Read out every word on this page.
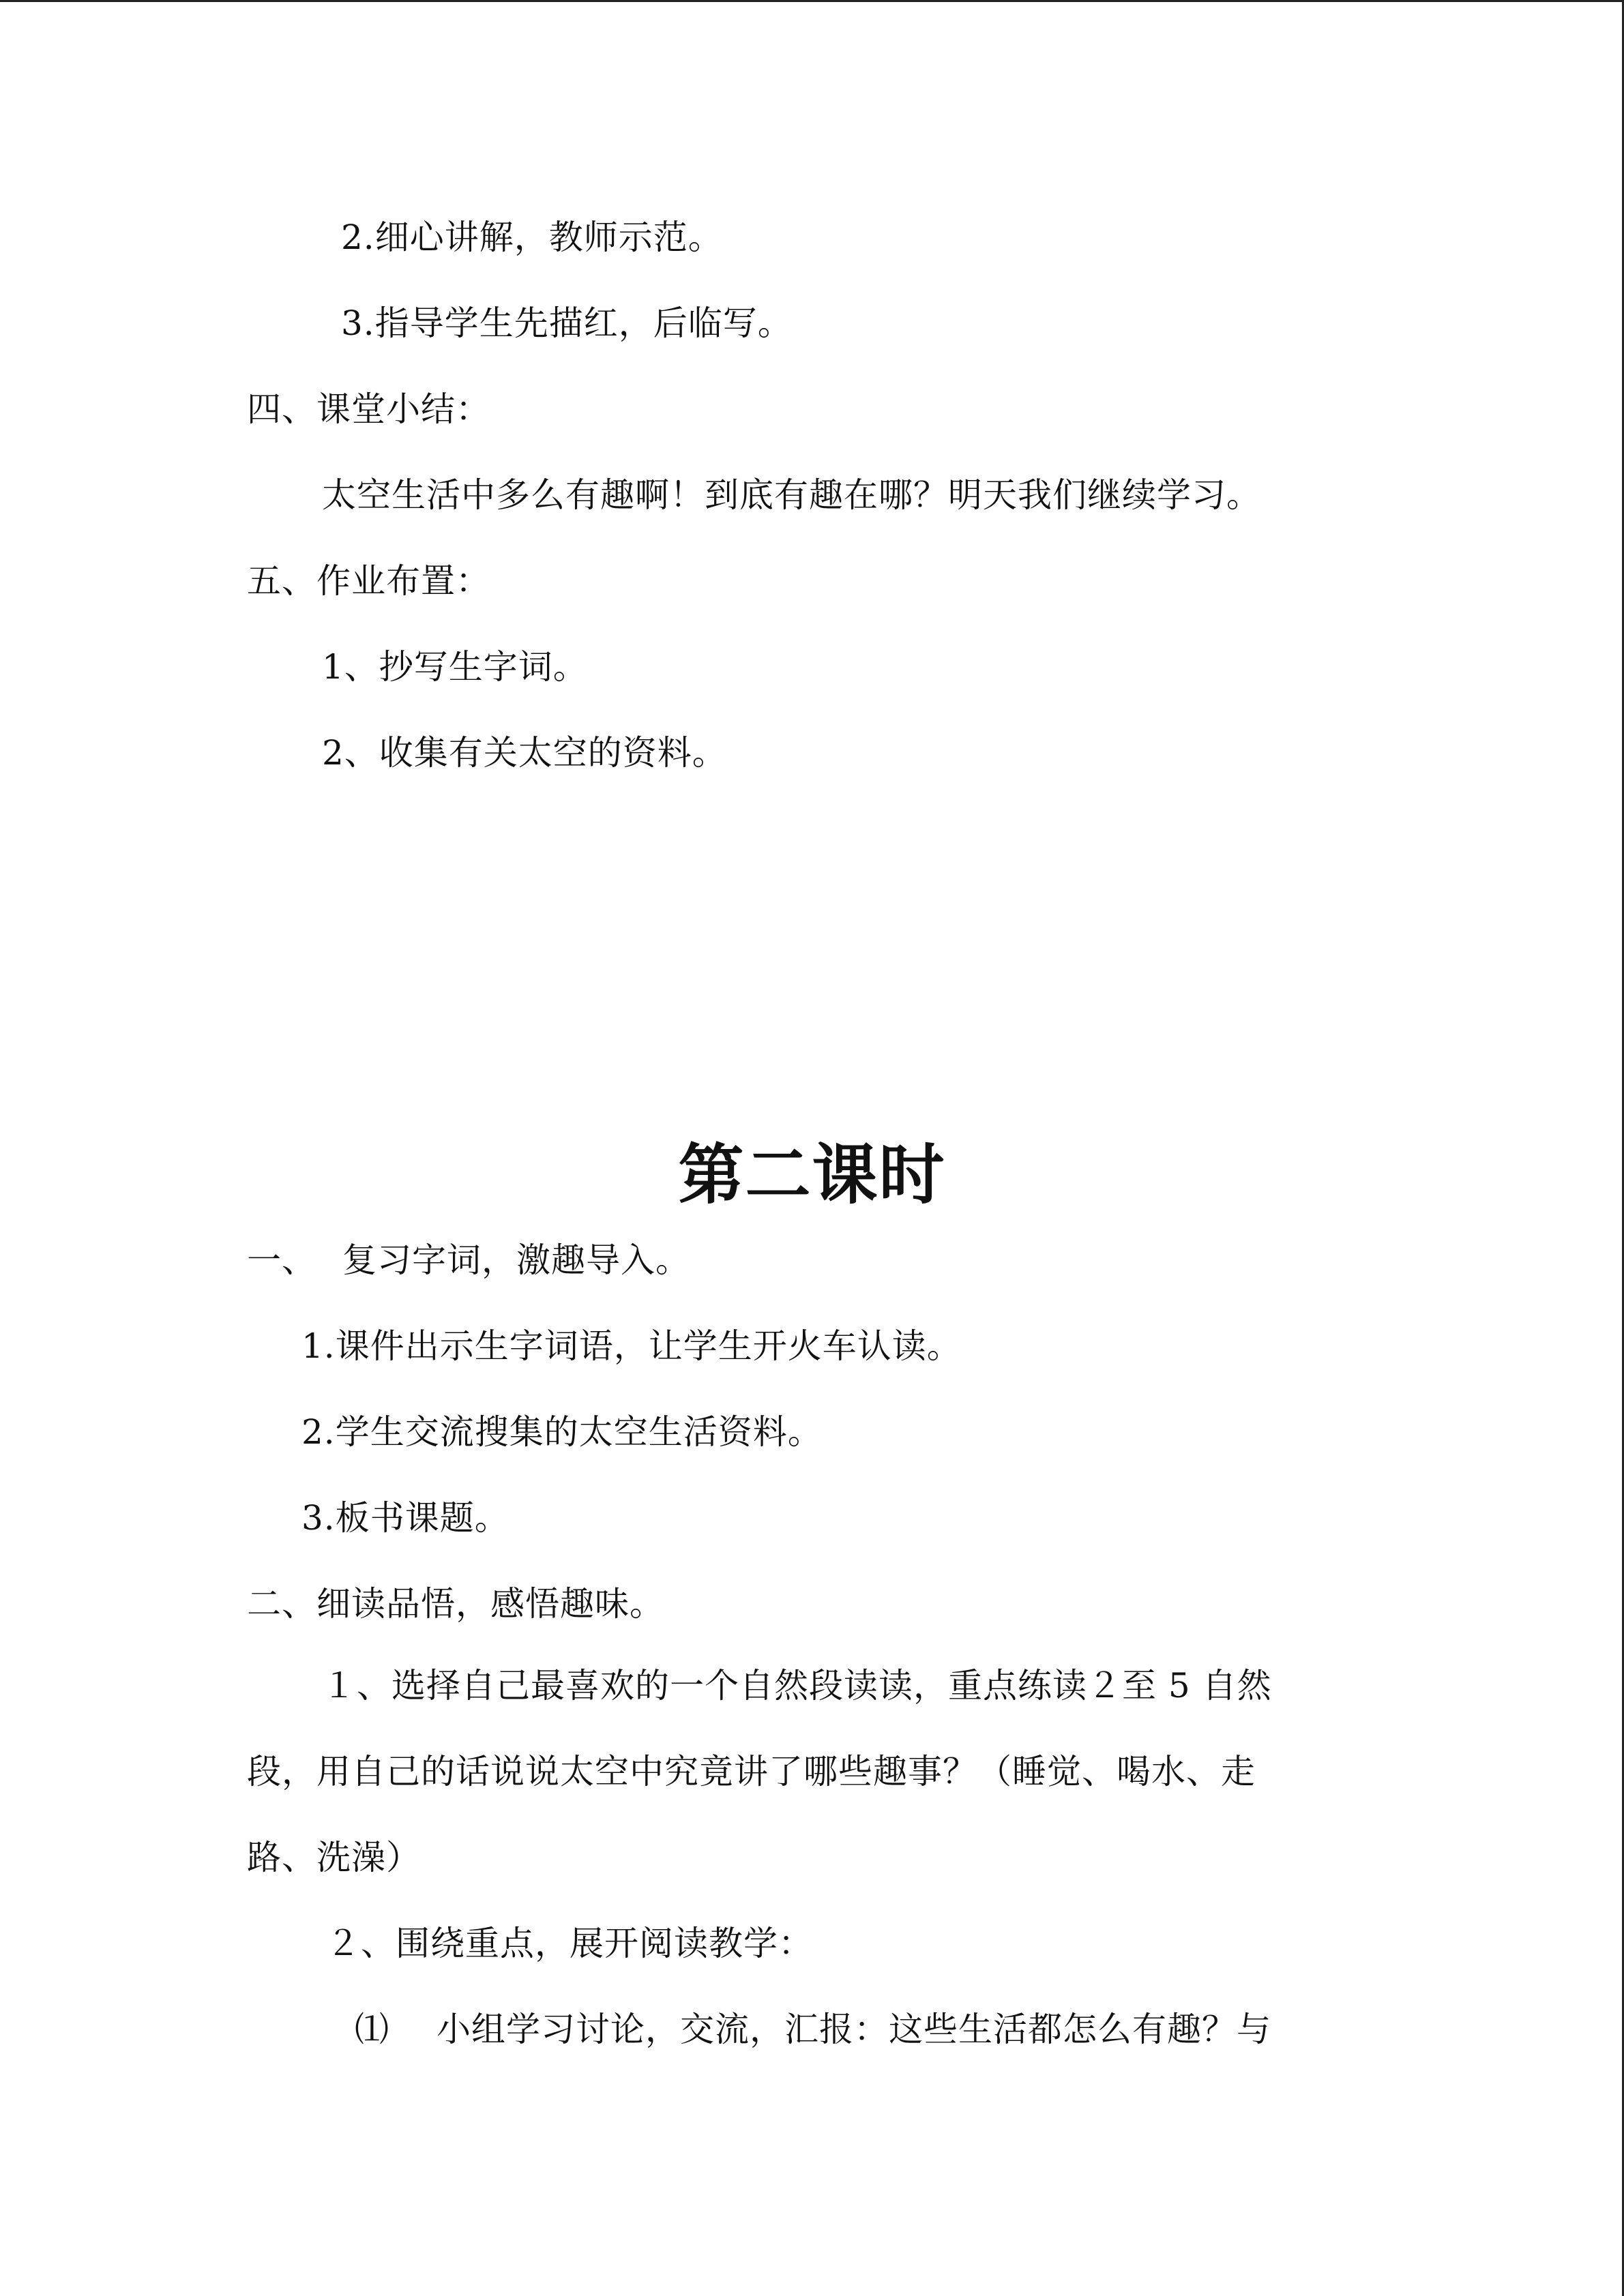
2.细心讲解，教师示范。
3.指导学生先描红，后临写。
四、课堂小结：
太空生活中多么有趣啊！到底有趣在哪？明天我们继续学习。
五、作业布置：
1、抄写生字词。
2、收集有关太空的资料。
第二课时
一、 复习字词，激趣导入。
1.课件出示生字词语，让学生开火车认读。
2.学生交流搜集的太空生活资料。
3.板书课题。
二、细读品悟，感悟趣味。
１、选择自己最喜欢的一个自然段读读，重点练读２至 5 自然
段，用自己的话说说太空中究竟讲了哪些趣事？（睡觉、喝水、走
路、洗澡）
２、围绕重点，展开阅读教学：
⑴ 小组学习讨论，交流，汇报：这些生活都怎么有趣？与
